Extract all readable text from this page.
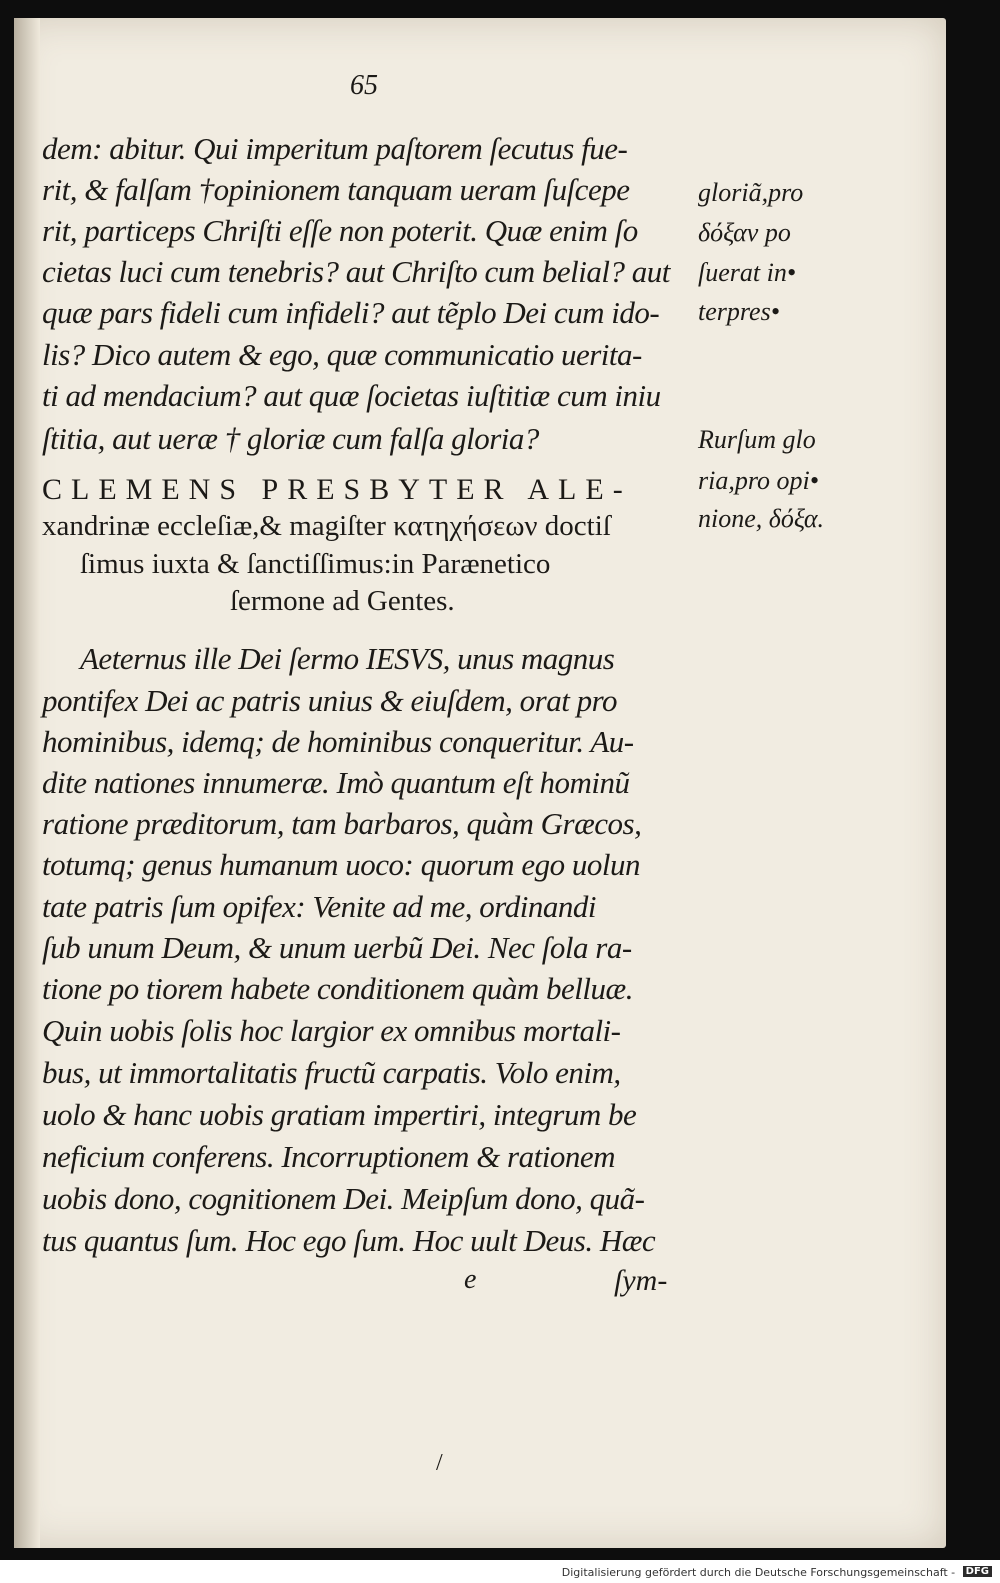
65
dem: abitur. Qui imperitum paſtorem ſecutus fue-
rit, & falſam †opinionem tanquam ueram ſuſcepe
rit, particeps Chriſti eſſe non poterit. Quæ enim ſo
cietas luci cum tenebris? aut Chriſto cum belial? aut
quæ pars fideli cum infideli? aut tẽplo Dei cum ido-
lis? Dico autem & ego, quæ communicatio ueritа-
ti ad mendacium? aut quæ ſocietas iuſtitiæ cum iniu
ſtitia, aut ueræ † gloriæ cum falſa gloria?
gloriã,pro
δόξαν po
ſuerat in•
terpres•
Rurſum glo
ria,pro opi•
nione, δόξα.
CLEMENS PRESBYTER ALE-
xandrinæ eccleſiæ,& magiſter κατηχήσεων doctiſ
ſimus iuxta & ſanctiſſimus:in Parænetico
ſermone ad Gentes.
Aeternus ille Dei ſermo IESVS, unus magnus
pontifex Dei ac patris unius & eiuſdem, orat pro
hominibus, idemq; de hominibus conqueritur. Au-
dite nationes innumeræ. Imò quantum eſt hominũ
ratione præditorum, tam barbaros, quàm Græcos,
totumq; genus humanum uoco: quorum ego uolun
tate patris ſum opifex: Venite ad me, ordinandi
ſub unum Deum, & unum uerbũ Dei. Nec ſola ra-
tione po tiorem habete conditionem quàm belluæ.
Quin uobis ſolis hoc largior ex omnibus mortali-
bus, ut immortalitatis fructũ carpatis. Volo enim,
uolo & hanc uobis gratiam impertiri, integrum be
neficium conferens. Incorruptionem & rationem
uobis dono, cognitionem Dei. Meipſum dono, quã-
tus quantus ſum. Hoc ego ſum. Hoc uult Deus. Hæc
e	ſym-
/
Digitalisierung gefördert durch die Deutsche Forschungsgemeinschaft - DFG
